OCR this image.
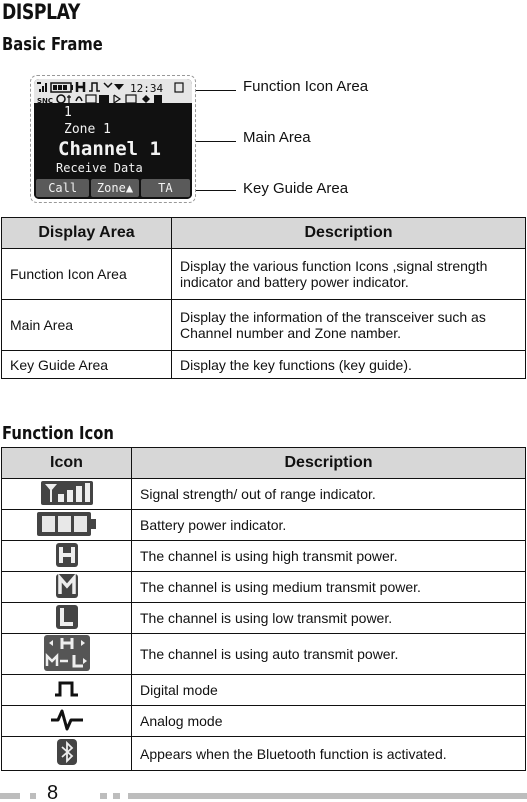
DISPLAY
Basic Frame
12:34
SNC
1
Zone 1
Channel 1
Receive Data
Call	Zone▲	TA
Function Icon Area
Main Area
Key Guide Area
Display Area	Description
Function Icon Area	Display the various function Icons ,signal strength indicator and battery power indicator.
Main Area	Display the information of the transceiver such as Channel number and Zone namber.
Key Guide Area	Display the key functions (key guide).
Function Icon
Icon	Description
	Signal strength/ out of range indicator.
	Battery power indicator.
	The channel is using high transmit power.
	The channel is using medium transmit power.
	The channel is using low transmit power.
	The channel is using auto transmit power.
	Digital mode
	Analog mode
	Appears when the Bluetooth function is activated.
8
